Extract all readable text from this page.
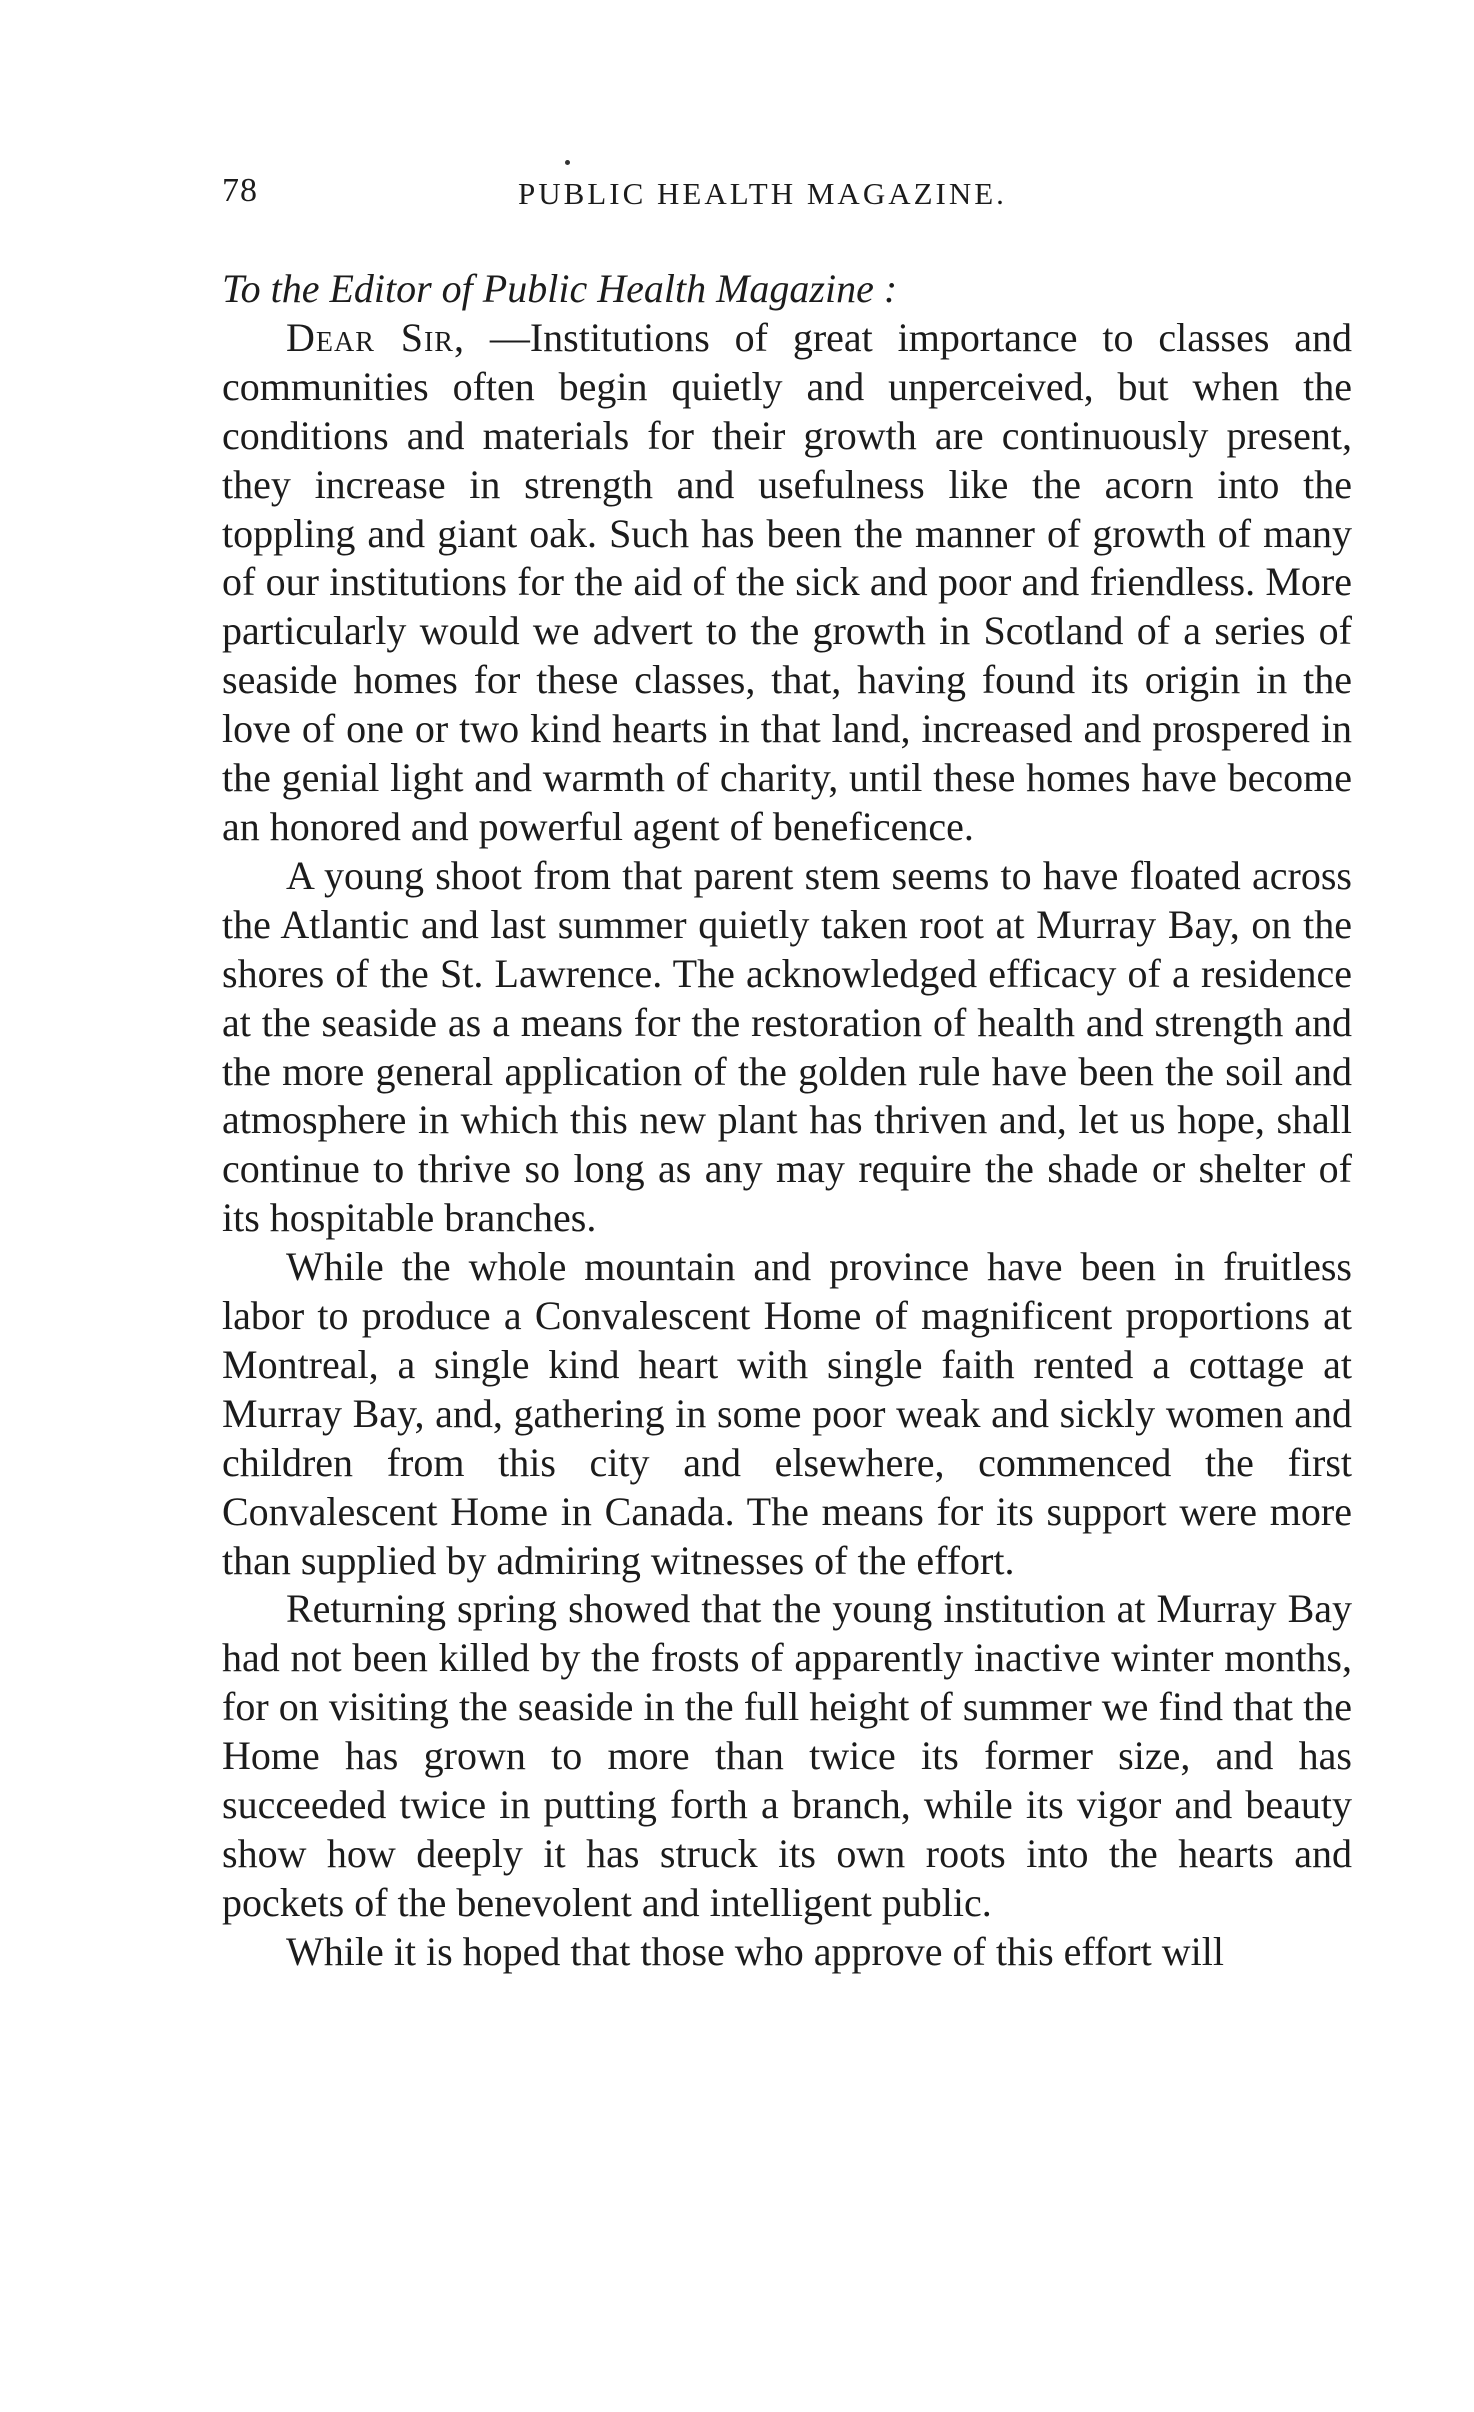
78	PUBLIC HEALTH MAGAZINE.
To the Editor of Public Health Magazine :

Dear Sir, —Institutions of great importance to classes and communities often begin quietly and unperceived, but when the conditions and materials for their growth are continuously present, they increase in strength and usefulness like the acorn into the toppling and giant oak. Such has been the manner of growth of many of our institutions for the aid of the sick and poor and friendless. More particularly would we advert to the growth in Scotland of a series of seaside homes for these classes, that, having found its origin in the love of one or two kind hearts in that land, increased and prospered in the genial light and warmth of charity, until these homes have become an honored and powerful agent of beneficence.

A young shoot from that parent stem seems to have floated across the Atlantic and last summer quietly taken root at Murray Bay, on the shores of the St. Lawrence. The acknowledged efficacy of a residence at the seaside as a means for the restoration of health and strength and the more general application of the golden rule have been the soil and atmosphere in which this new plant has thriven and, let us hope, shall continue to thrive so long as any may require the shade or shelter of its hospitable branches.

While the whole mountain and province have been in fruitless labor to produce a Convalescent Home of magnificent proportions at Montreal, a single kind heart with single faith rented a cottage at Murray Bay, and, gathering in some poor weak and sickly women and children from this city and elsewhere, commenced the first Convalescent Home in Canada. The means for its support were more than supplied by admiring witnesses of the effort.

Returning spring showed that the young institution at Murray Bay had not been killed by the frosts of apparently inactive winter months, for on visiting the seaside in the full height of summer we find that the Home has grown to more than twice its former size, and has succeeded twice in putting forth a branch, while its vigor and beauty show how deeply it has struck its own roots into the hearts and pockets of the benevolent and intelligent public.

While it is hoped that those who approve of this effort will
